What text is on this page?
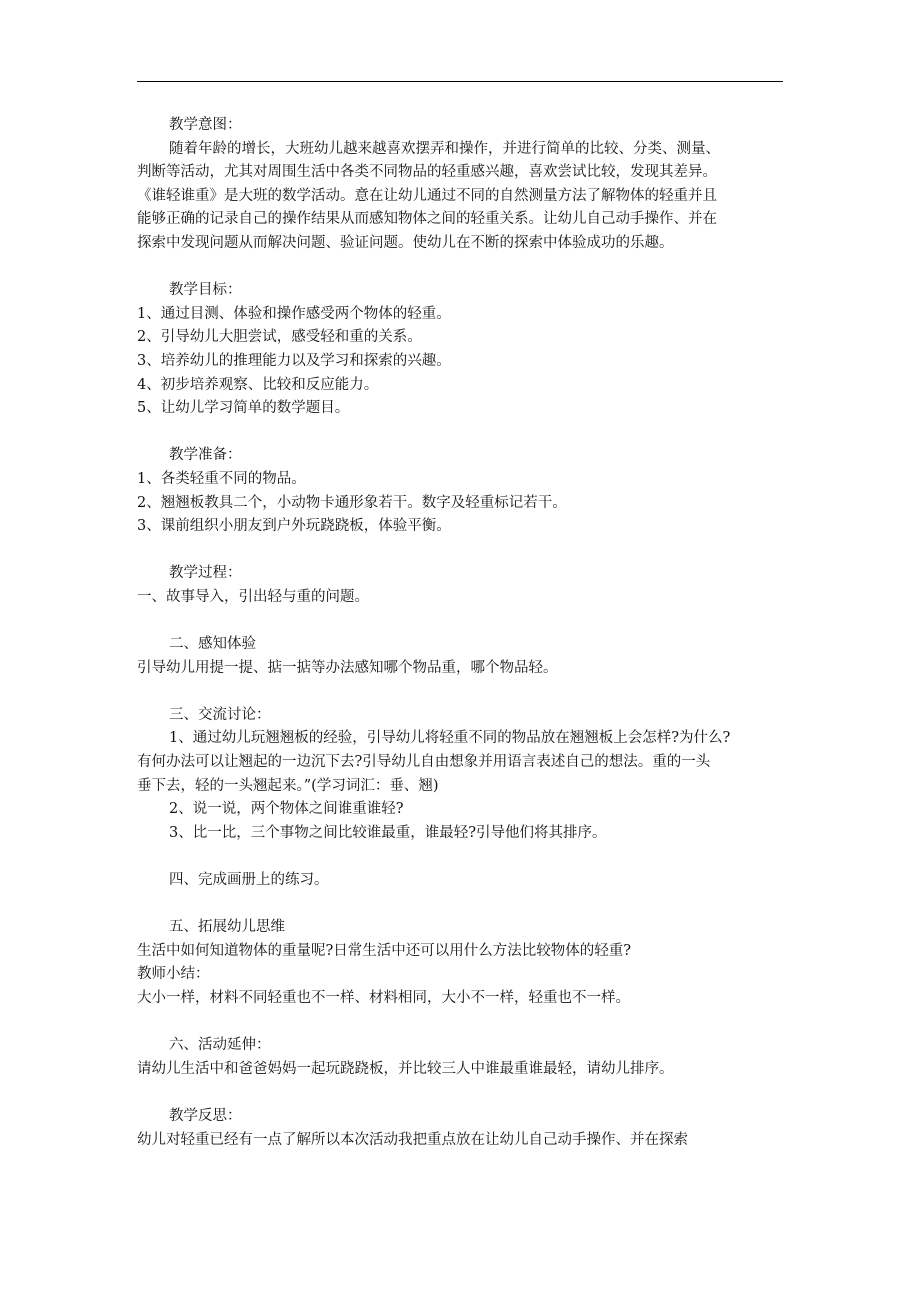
教学意图：

随着年龄的增长，大班幼儿越来越喜欢摆弄和操作，并进行简单的比较、分类、测量、

判断等活动，尤其对周围生活中各类不同物品的轻重感兴趣，喜欢尝试比较，发现其差异。

《谁轻谁重》是大班的数学活动。意在让幼儿通过不同的自然测量方法了解物体的轻重并且

能够正确的记录自己的操作结果从而感知物体之间的轻重关系。让幼儿自己动手操作、并在

探索中发现问题从而解决问题、验证问题。使幼儿在不断的探索中体验成功的乐趣。

教学目标：

1、通过目测、体验和操作感受两个物体的轻重。

2、引导幼儿大胆尝试，感受轻和重的关系。

3、培养幼儿的推理能力以及学习和探索的兴趣。

4、初步培养观察、比较和反应能力。

5、让幼儿学习简单的数学题目。

教学准备：

1、各类轻重不同的物品。

2、翘翘板教具二个，小动物卡通形象若干。数字及轻重标记若干。

3、课前组织小朋友到户外玩跷跷板，体验平衡。

教学过程：

一、故事导入，引出轻与重的问题。

二、感知体验

引导幼儿用提一提、掂一掂等办法感知哪个物品重，哪个物品轻。

三、交流讨论：

1、通过幼儿玩翘翘板的经验，引导幼儿将轻重不同的物品放在翘翘板上会怎样?为什么?

有何办法可以让翘起的一边沉下去?引导幼儿自由想象并用语言表述自己的想法。重的一头

垂下去，轻的一头翘起来。”(学习词汇：垂、翘)

2、说一说，两个物体之间谁重谁轻?

3、比一比，三个事物之间比较谁最重，谁最轻?引导他们将其排序。

四、完成画册上的练习。

五、拓展幼儿思维

生活中如何知道物体的重量呢?日常生活中还可以用什么方法比较物体的轻重?

教师小结：

大小一样，材料不同轻重也不一样、材料相同，大小不一样，轻重也不一样。

六、活动延伸：

请幼儿生活中和爸爸妈妈一起玩跷跷板，并比较三人中谁最重谁最轻，请幼儿排序。

教学反思：

幼儿对轻重已经有一点了解所以本次活动我把重点放在让幼儿自己动手操作、并在探索
